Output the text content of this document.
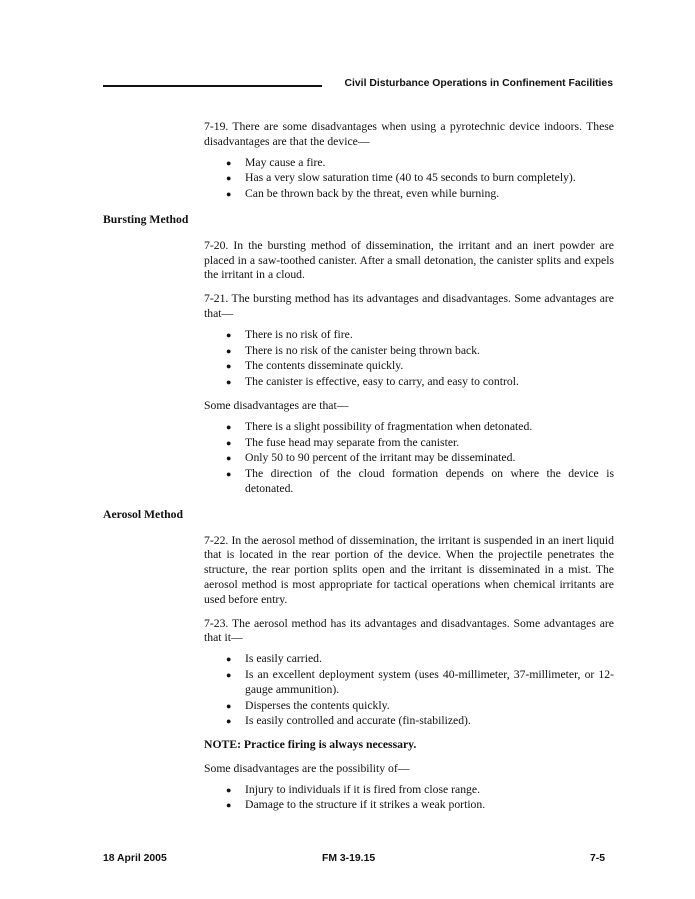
Civil Disturbance Operations in Confinement Facilities

7-19. There are some disadvantages when using a pyrotechnic device indoors. These disadvantages are that the device—

● May cause a fire.
● Has a very slow saturation time (40 to 45 seconds to burn completely).
● Can be thrown back by the threat, even while burning.
Bursting Method

7-20. In the bursting method of dissemination, the irritant and an inert powder are placed in a saw-toothed canister. After a small detonation, the canister splits and expels the irritant in a cloud.

7-21. The bursting method has its advantages and disadvantages. Some advantages are that—

● There is no risk of fire.
● There is no risk of the canister being thrown back.
● The contents disseminate quickly.
● The canister is effective, easy to carry, and easy to control.

Some disadvantages are that—

● There is a slight possibility of fragmentation when detonated.
● The fuse head may separate from the canister.
● Only 50 to 90 percent of the irritant may be disseminated.
● The direction of the cloud formation depends on where the device is detonated.
Aerosol Method

7-22. In the aerosol method of dissemination, the irritant is suspended in an inert liquid that is located in the rear portion of the device. When the projectile penetrates the structure, the rear portion splits open and the irritant is disseminated in a mist. The aerosol method is most appropriate for tactical operations when chemical irritants are used before entry.

7-23. The aerosol method has its advantages and disadvantages. Some advantages are that it—

● Is easily carried.
● Is an excellent deployment system (uses 40-millimeter, 37-millimeter, or 12-gauge ammunition).
● Disperses the contents quickly.
● Is easily controlled and accurate (fin-stabilized).

NOTE: Practice firing is always necessary.

Some disadvantages are the possibility of—

● Injury to individuals if it is fired from close range.
● Damage to the structure if it strikes a weak portion.
18 April 2005	FM 3-19.15	7-5
